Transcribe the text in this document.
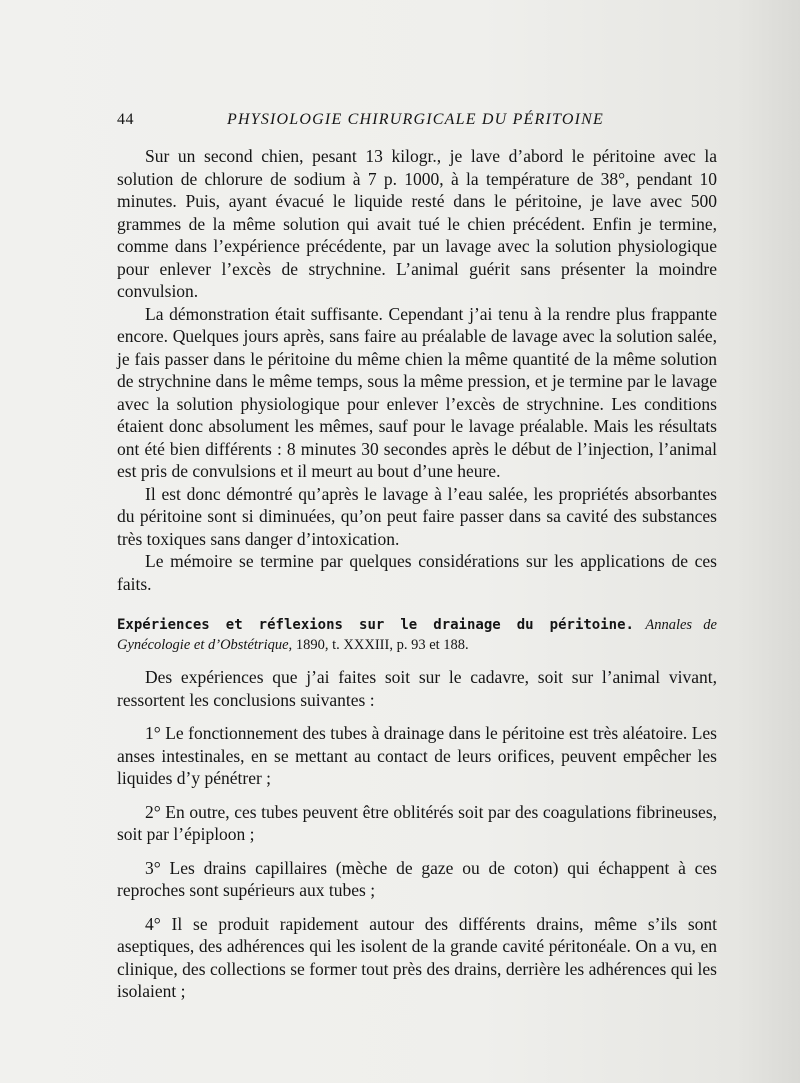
44	PHYSIOLOGIE CHIRURGICALE DU PÉRITOINE

Sur un second chien, pesant 13 kilogr., je lave d’abord le péritoine avec la solution de chlorure de sodium à 7 p. 1000, à la température de 38°, pendant 10 minutes. Puis, ayant évacué le liquide resté dans le péritoine, je lave avec 500 grammes de la même solution qui avait tué le chien précédent. Enfin je termine, comme dans l’expérience précédente, par un lavage avec la solution physiologique pour enlever l’excès de strychnine. L’animal guérit sans présenter la moindre convulsion.

La démonstration était suffisante. Cependant j’ai tenu à la rendre plus frappante encore. Quelques jours après, sans faire au préalable de lavage avec la solution salée, je fais passer dans le péritoine du même chien la même quantité de la même solution de strychnine dans le même temps, sous la même pression, et je termine par le lavage avec la solution physiologique pour enlever l’excès de strychnine. Les conditions étaient donc absolument les mêmes, sauf pour le lavage préalable. Mais les résultats ont été bien différents : 8 minutes 30 secondes après le début de l’injection, l’animal est pris de convulsions et il meurt au bout d’une heure.

Il est donc démontré qu’après le lavage à l’eau salée, les propriétés absorbantes du péritoine sont si diminuées, qu’on peut faire passer dans sa cavité des substances très toxiques sans danger d’intoxication.

Le mémoire se termine par quelques considérations sur les applications de ces faits.

Expériences et réflexions sur le drainage du péritoine. Annales de Gynécologie et d’Obstétrique, 1890, t. XXXIII, p. 93 et 188.

Des expériences que j’ai faites soit sur le cadavre, soit sur l’animal vivant, ressortent les conclusions suivantes :

1° Le fonctionnement des tubes à drainage dans le péritoine est très aléatoire. Les anses intestinales, en se mettant au contact de leurs orifices, peuvent empêcher les liquides d’y pénétrer ;

2° En outre, ces tubes peuvent être oblitérés soit par des coagulations fibrineuses, soit par l’épiploon ;

3° Les drains capillaires (mèche de gaze ou de coton) qui échappent à ces reproches sont supérieurs aux tubes ;

4° Il se produit rapidement autour des différents drains, même s’ils sont aseptiques, des adhérences qui les isolent de la grande cavité péritonéale. On a vu, en clinique, des collections se former tout près des drains, derrière les adhérences qui les isolaient ;
